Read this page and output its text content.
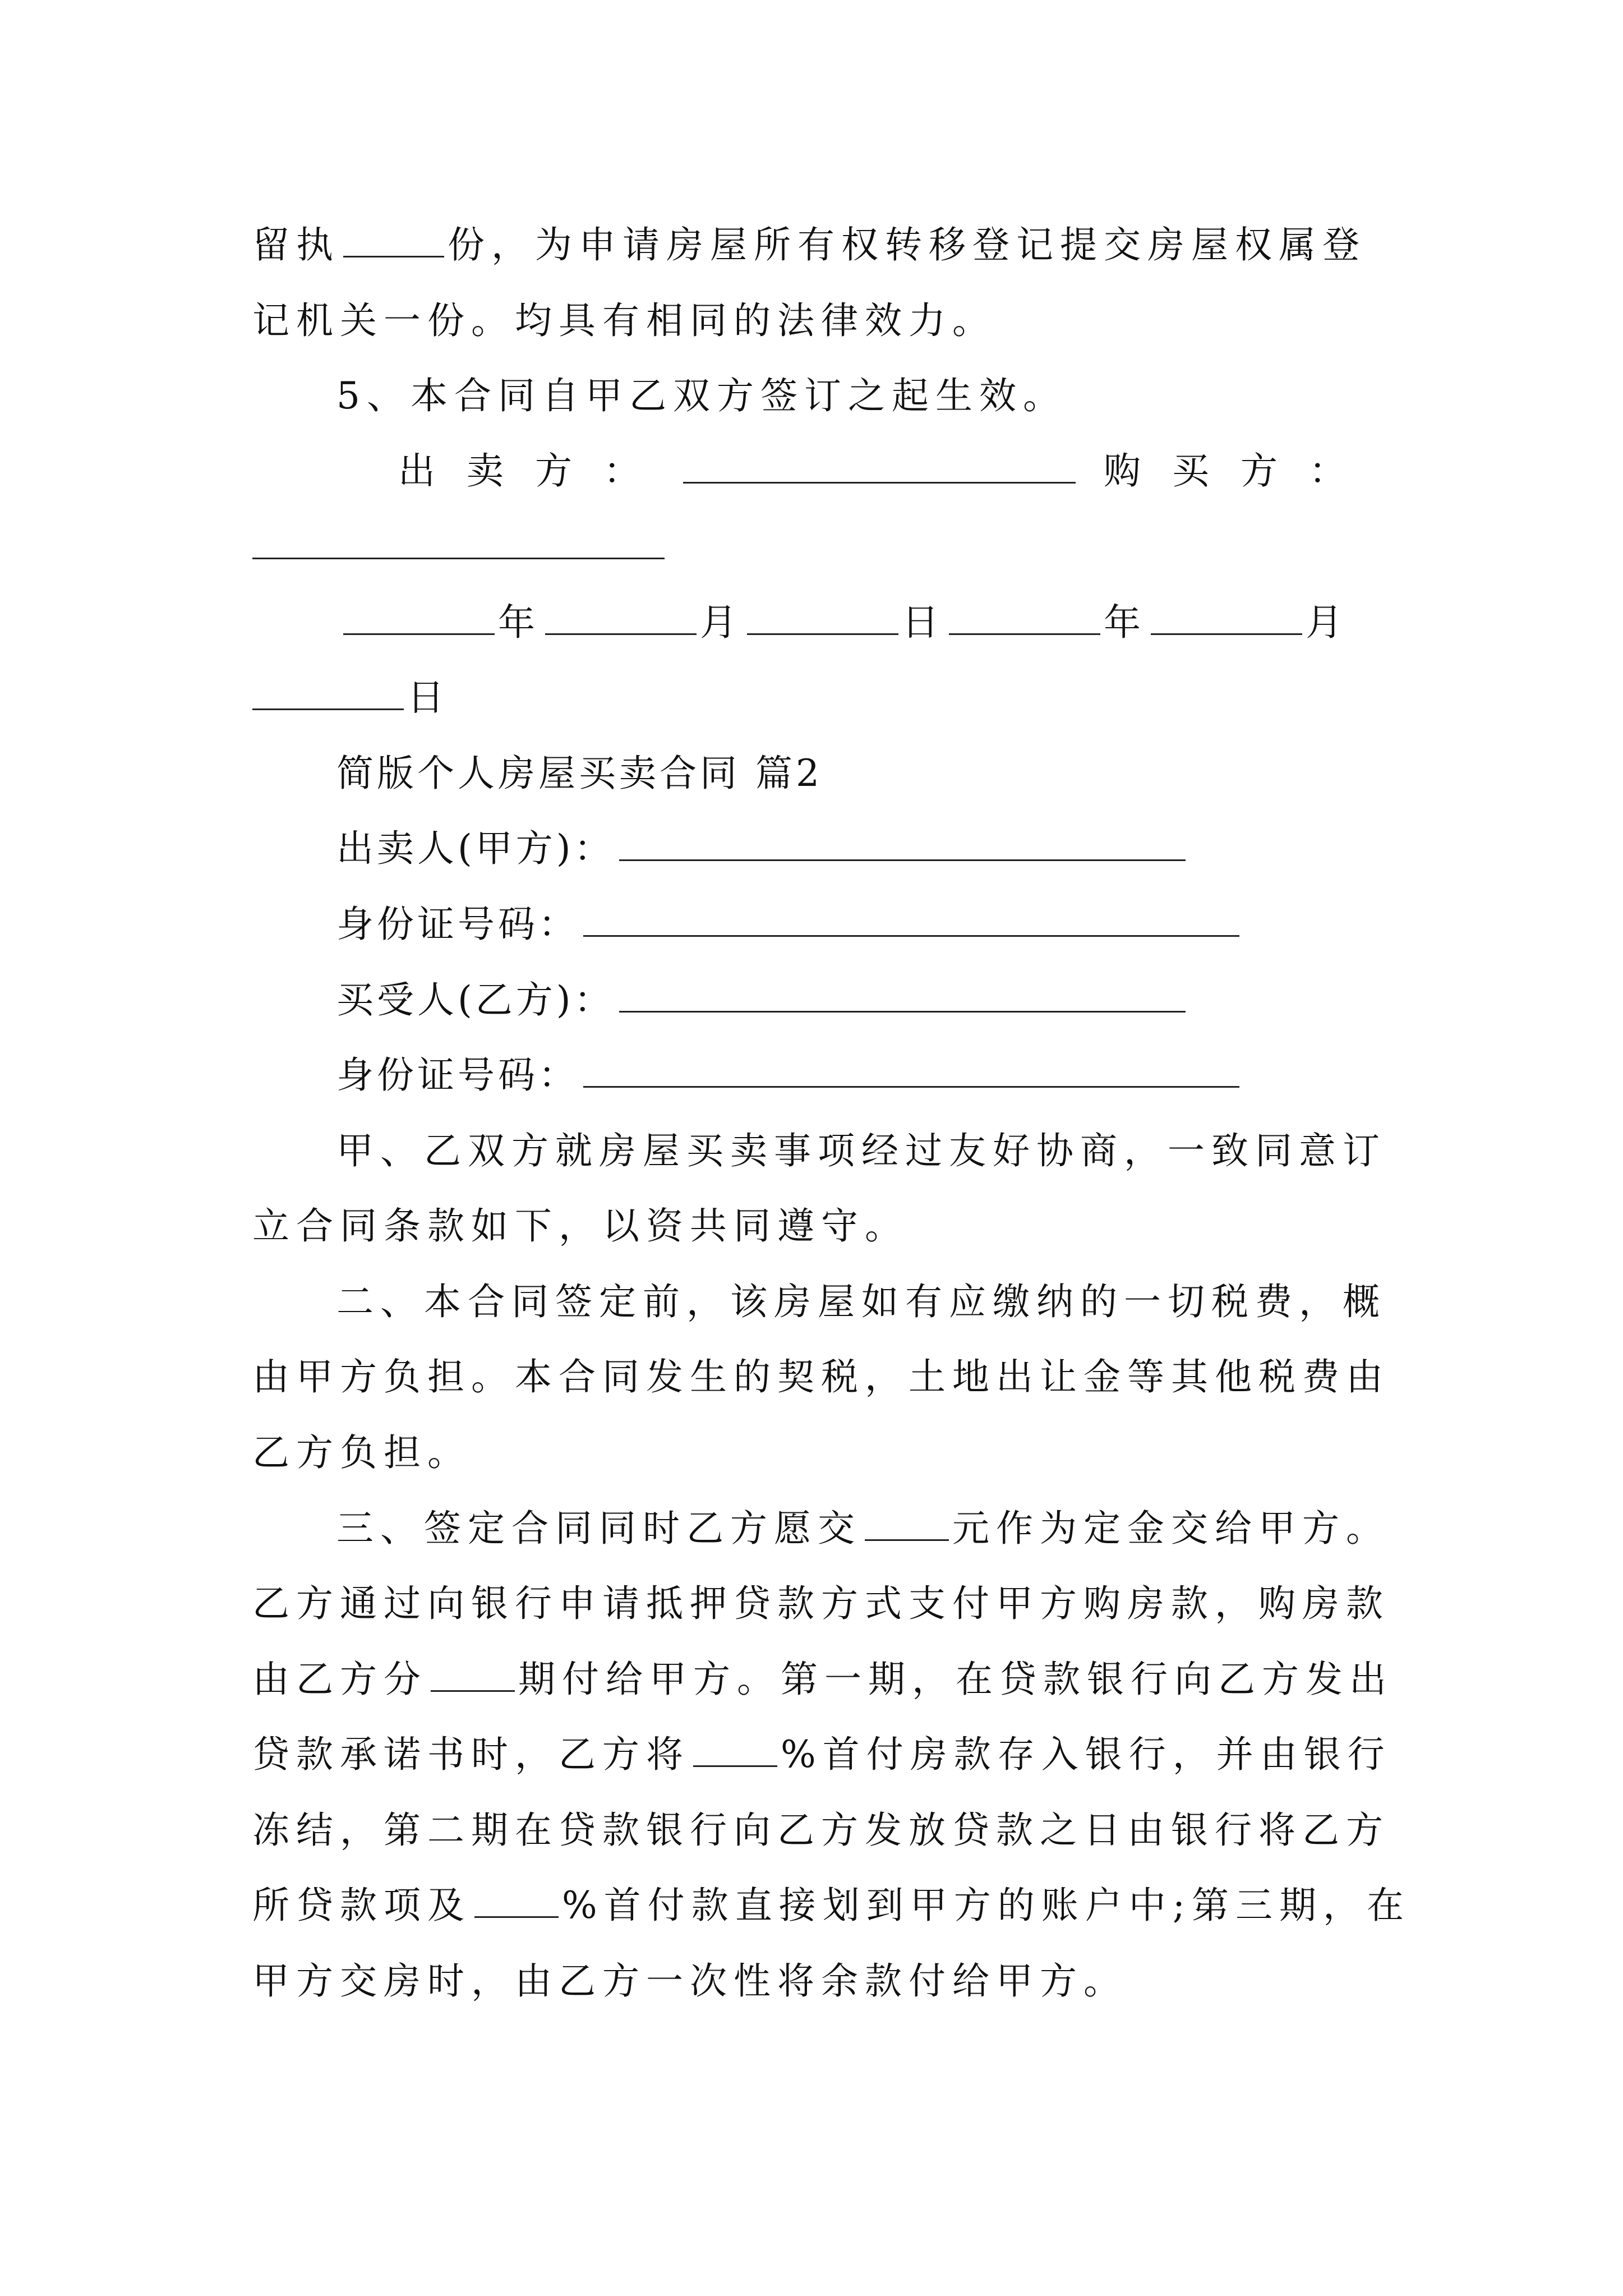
留执	份，为申请房屋所有权转移登记提交房屋权属登
记机关一份。均具有相同的法律效力。
5、本合同自甲乙双方签订之起生效。
出卖方：	购买方：
年	月	日	年	月
日
简版个人房屋买卖合同 篇2
出卖人(甲方)：
身份证号码：
买受人(乙方)：
身份证号码：
甲、乙双方就房屋买卖事项经过友好协商，一致同意订
立合同条款如下，以资共同遵守。
二、本合同签定前，该房屋如有应缴纳的一切税费，概
由甲方负担。本合同发生的契税，土地出让金等其他税费由
乙方负担。
三、签定合同同时乙方愿交 元作为定金交给甲方。
乙方通过向银行申请抵押贷款方式支付甲方购房款，购房款
由乙方分 期付给甲方。第一期，在贷款银行向乙方发出
贷款承诺书时，乙方将 %首付房款存入银行，并由银行
冻结，第二期在贷款银行向乙方发放贷款之日由银行将乙方
所贷款项及 %首付款直接划到甲方的账户中;第三期，在
甲方交房时，由乙方一次性将余款付给甲方。
